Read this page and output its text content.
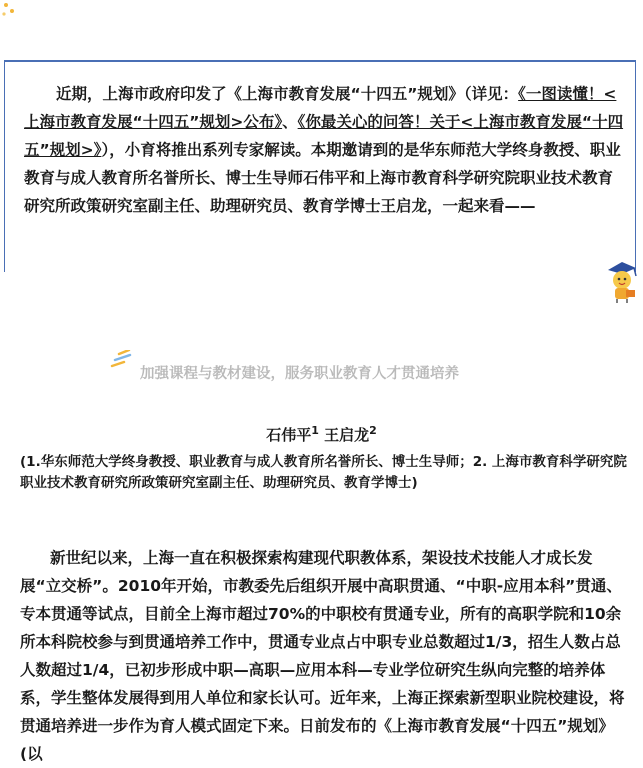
近期，上海市政府印发了《上海市教育发展“十四五”规划》（详见：《一图读懂！<上海市教育发展“十四五”规划>公布》、《你最关心的问答！关于<上海市教育发展“十四五”规划>》），小育将推出系列专家解读。本期邀请到的是华东师范大学终身教授、职业教育与成人教育所名誉所长、博士生导师石伟平和上海市教育科学研究院职业技术教育研究所政策研究室副主任、助理研究员、教育学博士王启龙，一起来看——
加强课程与教材建设，服务职业教育人才贯通培养
石伟平$^1$ 王启龙$^2$
(1.华东师范大学终身教授、职业教育与成人教育所名誉所长、博士生导师；2. 上海市教育科学研究院职业技术教育研究所政策研究室副主任、助理研究员、教育学博士)
新世纪以来，上海一直在积极探索构建现代职教体系，架设技术技能人才成长发展“立交桥”。2010年开始，市教委先后组织开展中高职贯通、“中职-应用本科”贯通、专本贯通等试点，目前全上海市超过70%的中职校有贯通专业，所有的高职学院和10余所本科院校参与到贯通培养工作中，贯通专业点占中职专业总数超过1/3，招生人数占总人数超过1/4，已初步形成中职—高职—应用本科—专业学位研究生纵向完整的培养体系，学生整体发展得到用人单位和家长认可。近年来，上海正探索新型职业院校建设，将贯通培养进一步作为育人模式固定下来。日前发布的《上海市教育发展“十四五”规划》(以
